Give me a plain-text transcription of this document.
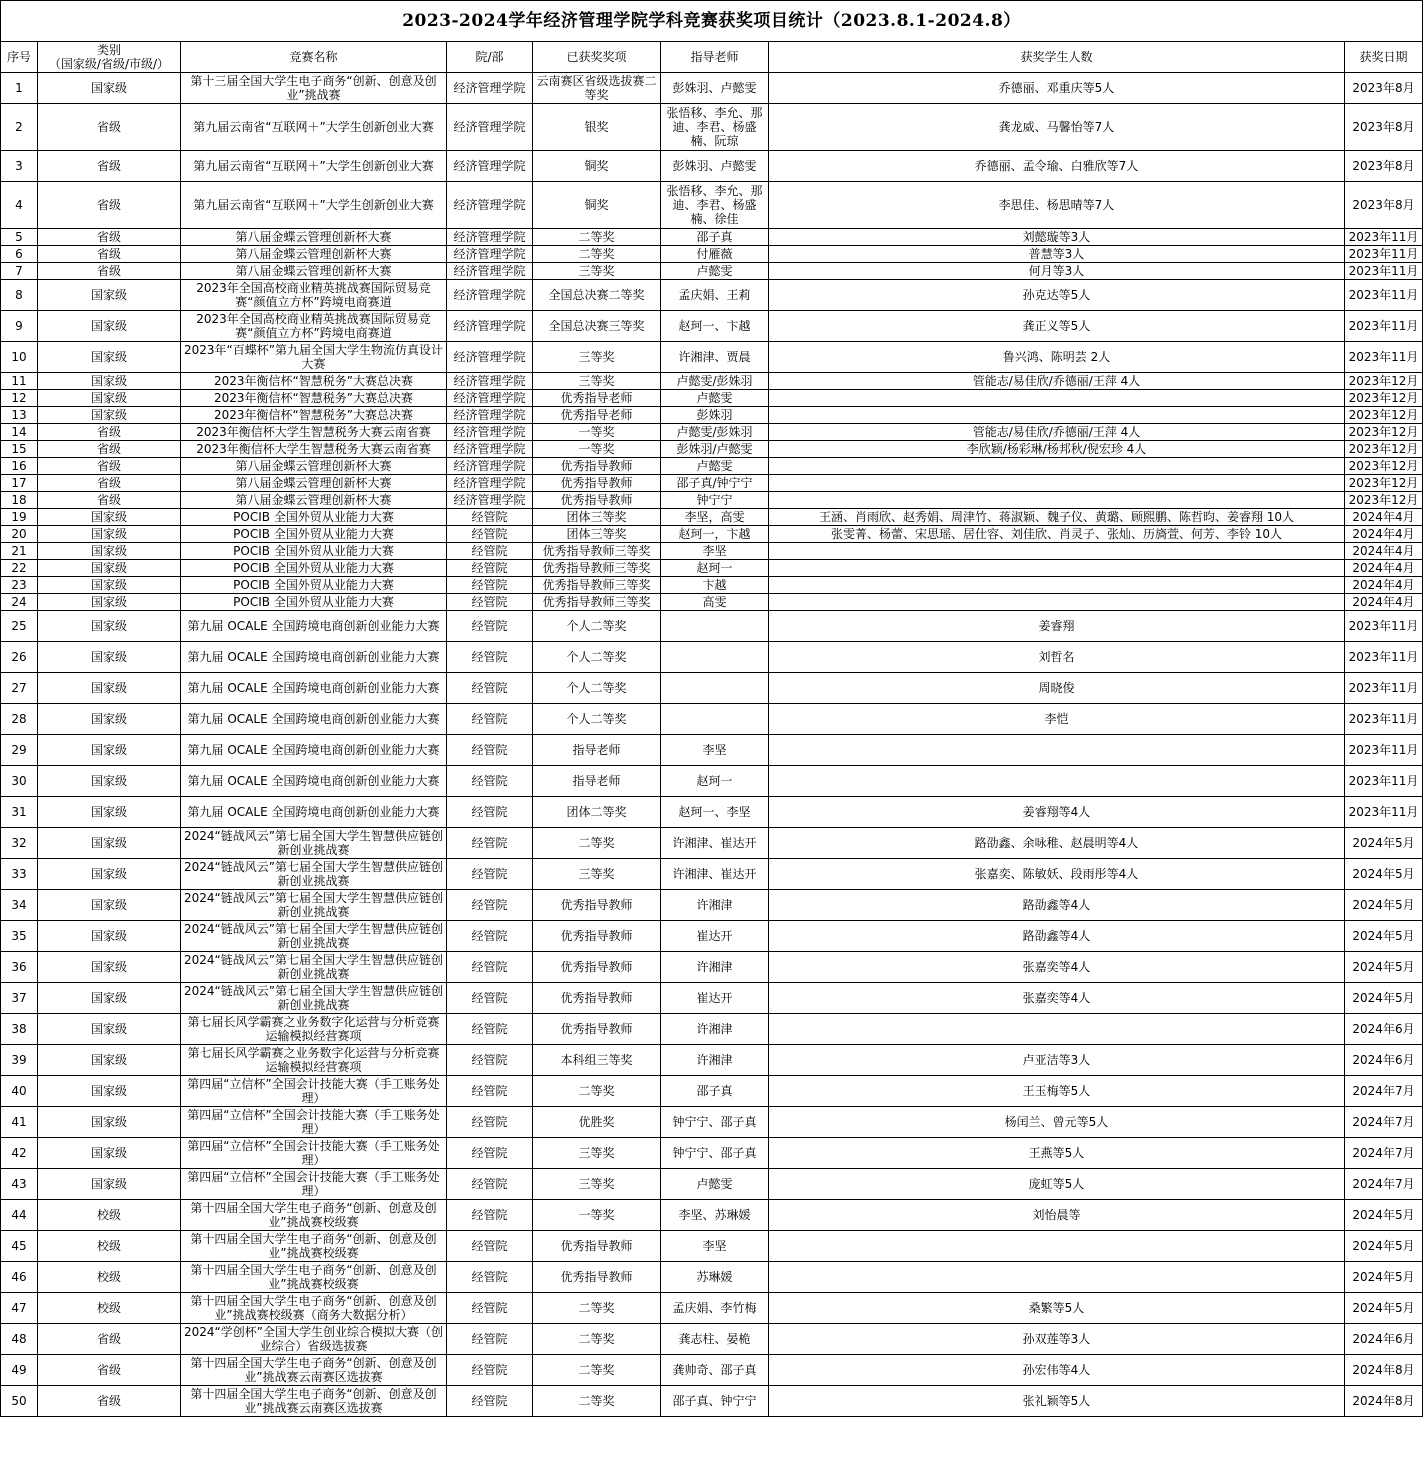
2023-2024学年经济管理学院学科竞赛获奖项目统计（2023.8.1-2024.8）							
序号	类别
（国家级/省级/市级/）	竞赛名称	院/部	已获奖奖项	指导老师	获奖学生人数	获奖日期
1	国家级	第十三届全国大学生电子商务“创新、创意及创业”挑战赛	经济管理学院	云南赛区省级选拔赛二等奖	彭姝羽、卢懿雯	乔德丽、邓重庆等5人	2023年8月
2	省级	第九届云南省“互联网＋”大学生创新创业大赛	经济管理学院	银奖	张悟移、李允、那迪、李君、杨盛楠、阮琼	龚龙威、马馨怡等7人	2023年8月
3	省级	第九届云南省“互联网＋”大学生创新创业大赛	经济管理学院	铜奖	彭姝羽、卢懿雯	乔德丽、孟令瑜、白雅欣等7人	2023年8月
4	省级	第九届云南省“互联网＋”大学生创新创业大赛	经济管理学院	铜奖	张悟移、李允、那迪、李君、杨盛楠、徐佳	李思佳、杨思晴等7人	2023年8月
5	省级	第八届金蝶云管理创新杯大赛	经济管理学院	二等奖	邵子真	刘懿璇等3人	2023年11月
6	省级	第八届金蝶云管理创新杯大赛	经济管理学院	二等奖	付雁薇	普慧等3人	2023年11月
7	省级	第八届金蝶云管理创新杯大赛	经济管理学院	三等奖	卢懿雯	何月等3人	2023年11月
8	国家级	2023年全国高校商业精英挑战赛国际贸易竞赛“颜值立方杯”跨境电商赛道	经济管理学院	全国总决赛二等奖	孟庆娟、王莉	孙克达等5人	2023年11月
9	国家级	2023年全国高校商业精英挑战赛国际贸易竞赛“颜值立方杯”跨境电商赛道	经济管理学院	全国总决赛三等奖	赵珂一、卞越	龚正义等5人	2023年11月
10	国家级	2023年“百蝶杯”第九届全国大学生物流仿真设计大赛	经济管理学院	三等奖	许湘津、贾晨	鲁兴鸿、陈明芸 2人	2023年11月
11	国家级	2023年衡信杯“智慧税务”大赛总决赛	经济管理学院	三等奖	卢懿雯/彭姝羽	管能志/易佳欣/乔德丽/王萍 4人	2023年12月
12	国家级	2023年衡信杯“智慧税务”大赛总决赛	经济管理学院	优秀指导老师	卢懿雯		2023年12月
13	国家级	2023年衡信杯“智慧税务”大赛总决赛	经济管理学院	优秀指导老师	彭姝羽		2023年12月
14	省级	2023年衡信杯大学生智慧税务大赛云南省赛	经济管理学院	一等奖	卢懿雯/彭姝羽	管能志/易佳欣/乔德丽/王萍 4人	2023年12月
15	省级	2023年衡信杯大学生智慧税务大赛云南省赛	经济管理学院	一等奖	彭姝羽/卢懿雯	李欣颖/杨彩琳/杨邦秋/倪宏珍 4人	2023年12月
16	省级	第八届金蝶云管理创新杯大赛	经济管理学院	优秀指导教师	卢懿雯		2023年12月
17	省级	第八届金蝶云管理创新杯大赛	经济管理学院	优秀指导教师	邵子真/钟宁宁		2023年12月
18	省级	第八届金蝶云管理创新杯大赛	经济管理学院	优秀指导教师	钟宁宁		2023年12月
19	国家级	POCIB 全国外贸从业能力大赛	经管院	团体三等奖	李坚，高雯	王涵、肖雨欣、赵秀娟、周津竹、蒋淑颖、魏子仪、黄璐、顾熙鹏、陈哲昀、姜睿翔 10人	2024年4月
20	国家级	POCIB 全国外贸从业能力大赛	经管院	团体三等奖	赵珂一，卞越	张雯菁、杨蕾、宋思瑶、居仕容、刘佳欣、肖灵子、张灿、历旖萱、何芳、李铃 10人	2024年4月
21	国家级	POCIB 全国外贸从业能力大赛	经管院	优秀指导教师三等奖	李坚		2024年4月
22	国家级	POCIB 全国外贸从业能力大赛	经管院	优秀指导教师三等奖	赵珂一		2024年4月
23	国家级	POCIB 全国外贸从业能力大赛	经管院	优秀指导教师三等奖	卞越		2024年4月
24	国家级	POCIB 全国外贸从业能力大赛	经管院	优秀指导教师三等奖	高雯		2024年4月
25	国家级	第九届 OCALE 全国跨境电商创新创业能力大赛	经管院	个人二等奖		姜睿翔	2023年11月
26	国家级	第九届 OCALE 全国跨境电商创新创业能力大赛	经管院	个人二等奖		刘哲名	2023年11月
27	国家级	第九届 OCALE 全国跨境电商创新创业能力大赛	经管院	个人二等奖		周晓俊	2023年11月
28	国家级	第九届 OCALE 全国跨境电商创新创业能力大赛	经管院	个人二等奖		李恺	2023年11月
29	国家级	第九届 OCALE 全国跨境电商创新创业能力大赛	经管院	指导老师	李坚		2023年11月
30	国家级	第九届 OCALE 全国跨境电商创新创业能力大赛	经管院	指导老师	赵珂一		2023年11月
31	国家级	第九届 OCALE 全国跨境电商创新创业能力大赛	经管院	团体二等奖	赵珂一、李坚	姜睿翔等4人	2023年11月
32	国家级	2024“链战风云”第七届全国大学生智慧供应链创新创业挑战赛	经管院	二等奖	许湘津、崔达开	路劭鑫、余咏稚、赵晨明等4人	2024年5月
33	国家级	2024“链战风云”第七届全国大学生智慧供应链创新创业挑战赛	经管院	三等奖	许湘津、崔达开	张嘉奕、陈敏妖、段雨彤等4人	2024年5月
34	国家级	2024“链战风云”第七届全国大学生智慧供应链创新创业挑战赛	经管院	优秀指导教师	许湘津	路劭鑫等4人	2024年5月
35	国家级	2024“链战风云”第七届全国大学生智慧供应链创新创业挑战赛	经管院	优秀指导教师	崔达开	路劭鑫等4人	2024年5月
36	国家级	2024“链战风云”第七届全国大学生智慧供应链创新创业挑战赛	经管院	优秀指导教师	许湘津	张嘉奕等4人	2024年5月
37	国家级	2024“链战风云”第七届全国大学生智慧供应链创新创业挑战赛	经管院	优秀指导教师	崔达开	张嘉奕等4人	2024年5月
38	国家级	第七届长风学霸赛之业务数字化运营与分析竞赛运输模拟经营赛项	经管院	优秀指导教师	许湘津		2024年6月
39	国家级	第七届长风学霸赛之业务数字化运营与分析竞赛运输模拟经营赛项	经管院	本科组三等奖	许湘津	卢亚洁等3人	2024年6月
40	国家级	第四届“立信杯”全国会计技能大赛（手工账务处理）	经管院	二等奖	邵子真	王玉梅等5人	2024年7月
41	国家级	第四届“立信杯”全国会计技能大赛（手工账务处理）	经管院	优胜奖	钟宁宁、邵子真	杨闰兰、曾元等5人	2024年7月
42	国家级	第四届“立信杯”全国会计技能大赛（手工账务处理）	经管院	三等奖	钟宁宁、邵子真	王燕等5人	2024年7月
43	国家级	第四届“立信杯”全国会计技能大赛（手工账务处理）	经管院	三等奖	卢懿雯	庞虹等5人	2024年7月
44	校级	第十四届全国大学生电子商务“创新、创意及创业”挑战赛校级赛	经管院	一等奖	李坚、苏琳媛	刘怡晨等	2024年5月
45	校级	第十四届全国大学生电子商务“创新、创意及创业”挑战赛校级赛	经管院	优秀指导教师	李坚		2024年5月
46	校级	第十四届全国大学生电子商务“创新、创意及创业”挑战赛校级赛	经管院	优秀指导教师	苏琳媛		2024年5月
47	校级	第十四届全国大学生电子商务“创新、创意及创业”挑战赛校级赛（商务大数据分析）	经管院	二等奖	孟庆娟、李竹梅	桑繁等5人	2024年5月
48	省级	2024“学创杯”全国大学生创业综合模拟大赛（创业综合）省级选拔赛	经管院	二等奖	龚志柱、晏桅	孙双莲等3人	2024年6月
49	省级	第十四届全国大学生电子商务“创新、创意及创业”挑战赛云南赛区选拔赛	经管院	二等奖	龚帅奇、邵子真	孙宏伟等4人	2024年8月
50	省级	第十四届全国大学生电子商务“创新、创意及创业”挑战赛云南赛区选拔赛	经管院	二等奖	邵子真、钟宁宁	张礼颖等5人	2024年8月
